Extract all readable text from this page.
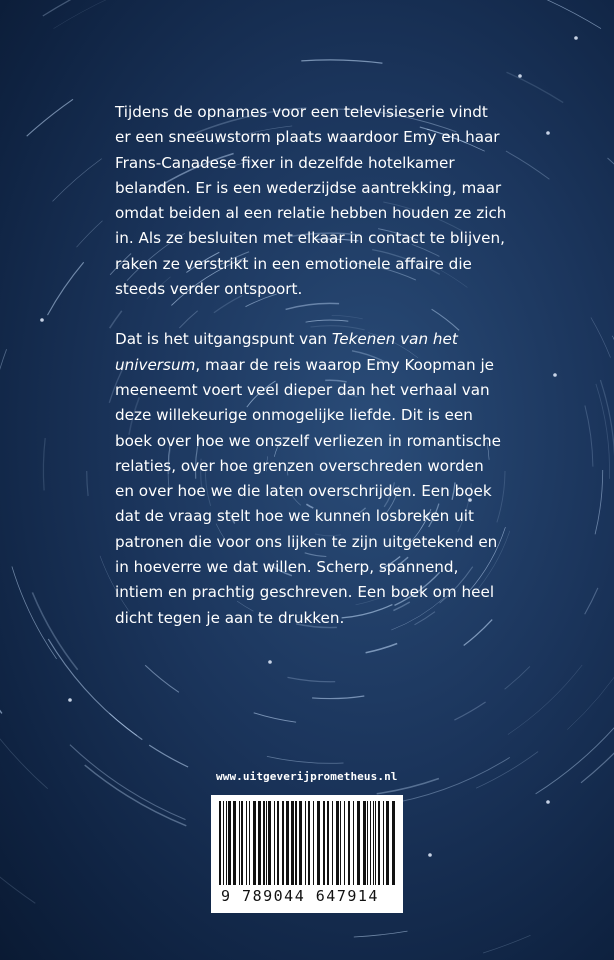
Tijdens de opnames voor een televisieserie vindt er een sneeuwstorm plaats waardoor Emy en haar Frans-Canadese fixer in dezelfde hotelkamer belanden. Er is een wederzijdse aantrekking, maar omdat beiden al een relatie hebben houden ze zich in. Als ze besluiten met elkaar in contact te blijven, raken ze verstrikt in een emotionele affaire die steeds verder ontspoort.

Dat is het uitgangspunt van Tekenen van het universum, maar de reis waarop Emy Koopman je meeneemt voert veel dieper dan het verhaal van deze willekeurige onmogelijke liefde. Dit is een boek over hoe we onszelf verliezen in romantische relaties, over hoe grenzen overschreden worden en over hoe we die laten overschrijden. Een boek dat de vraag stelt hoe we kunnen losbreken uit patronen die voor ons lijken te zijn uitgetekend en in hoeverre we dat willen. Scherp, spannend, intiem en prachtig geschreven. Een boek om heel dicht tegen je aan te drukken.

www.uitgeverijprometheus.nl
9 789044 647914
